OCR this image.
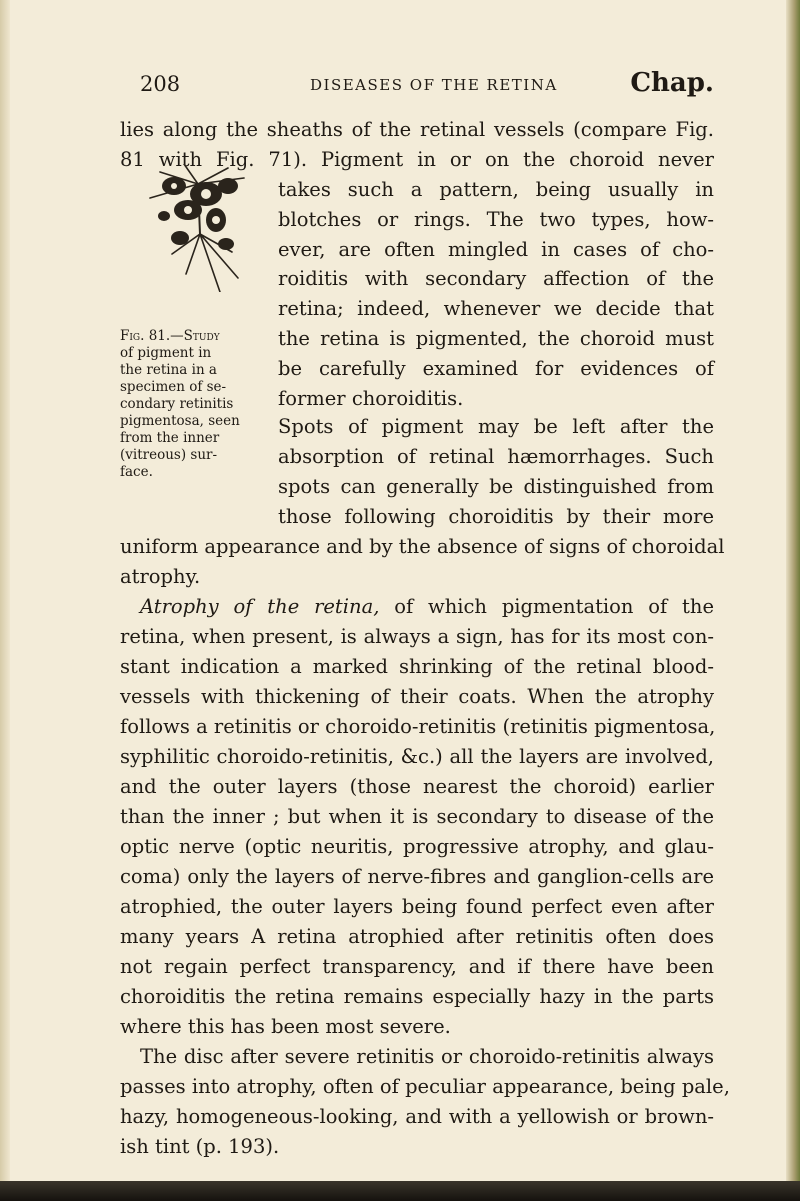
208	DISEASES OF THE RETINA	Chap.
lies along the sheaths of the retinal vessels (compare Fig.
81 with Fig. 71). Pigment in or on the choroid never
takes such a pattern, being usually in
blotches or rings. The two types, how-
ever, are often mingled in cases of cho-
roiditis with secondary affection of the
retina; indeed, whenever we decide that
the retina is pigmented, the choroid must
be carefully examined for evidences of
former choroiditis.
Spots of pigment may be left after the
absorption of retinal hæmorrhages. Such
spots can generally be distinguished from
those following choroiditis by their more
Fig. 81.—Study
of pigment in
the retina in a
specimen of se-
condary retinitis
pigmentosa, seen
from the inner
(vitreous) sur-
face.
uniform appearance and by the absence of signs of choroidal
atrophy.
Atrophy of the retina, of which pigmentation of the
retina, when present, is always a sign, has for its most con-
stant indication a marked shrinking of the retinal blood-
vessels with thickening of their coats. When the atrophy
follows a retinitis or choroido-retinitis (retinitis pigmentosa,
syphilitic choroido-retinitis, &c.) all the layers are involved,
and the outer layers (those nearest the choroid) earlier
than the inner ; but when it is secondary to disease of the
optic nerve (optic neuritis, progressive atrophy, and glau-
coma) only the layers of nerve-fibres and ganglion-cells are
atrophied, the outer layers being found perfect even after
many years A retina atrophied after retinitis often does
not regain perfect transparency, and if there have been
choroiditis the retina remains especially hazy in the parts
where this has been most severe.
The disc after severe retinitis or choroido-retinitis always
passes into atrophy, often of peculiar appearance, being pale,
hazy, homogeneous-looking, and with a yellowish or brown-
ish tint (p. 193).
